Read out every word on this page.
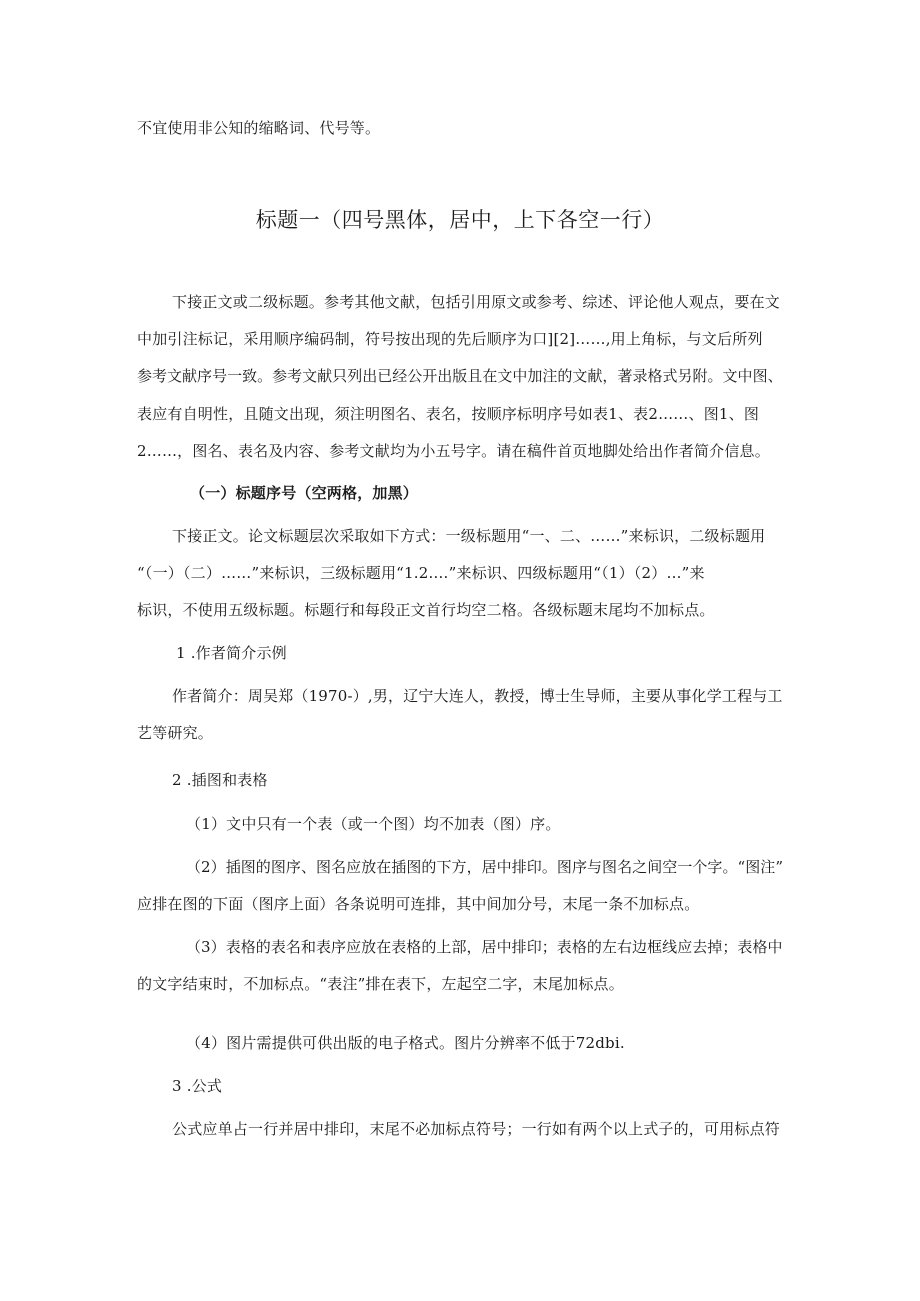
不宜使用非公知的缩略词、代号等。
标题一（四号黑体，居中，上下各空一行）
下接正文或二级标题。参考其他文献，包括引用原文或参考、综述、评论他人观点，要在文
中加引注标记，采用顺序编码制，符号按出现的先后顺序为口][2]……,用上角标，与文后所列
参考文献序号一致。参考文献只列出已经公开出版且在文中加注的文献，著录格式另附。文中图、
表应有自明性，且随文出现，须注明图名、表名，按顺序标明序号如表1、表2……、图1、图
2……，图名、表名及内容、参考文献均为小五号字。请在稿件首页地脚处给出作者简介信息。
（一）标题序号（空两格，加黑）
下接正文。论文标题层次采取如下方式：一级标题用“一、二、……”来标识，二级标题用
“（一）（二）……”来标识，三级标题用“1.2.…”来标识、四级标题用“（1）（2）…”来
标识，不使用五级标题。标题行和每段正文首行均空二格。各级标题末尾均不加标点。
1 .作者简介示例
作者简介：周吴郑（1970-）,男，辽宁大连人，教授，博士生导师，主要从事化学工程与工
艺等研究。
2 .插图和表格
（1）文中只有一个表（或一个图）均不加表（图）序。
（2）插图的图序、图名应放在插图的下方，居中排印。图序与图名之间空一个字。“图注”
应排在图的下面（图序上面）各条说明可连排，其中间加分号，末尾一条不加标点。
（3）表格的表名和表序应放在表格的上部，居中排印；表格的左右边框线应去掉；表格中
的文字结束时，不加标点。“表注”排在表下，左起空二字，末尾加标点。
（4）图片需提供可供出版的电子格式。图片分辨率不低于72dbi.
3 .公式
公式应单占一行并居中排印，末尾不必加标点符号；一行如有两个以上式子的，可用标点符
